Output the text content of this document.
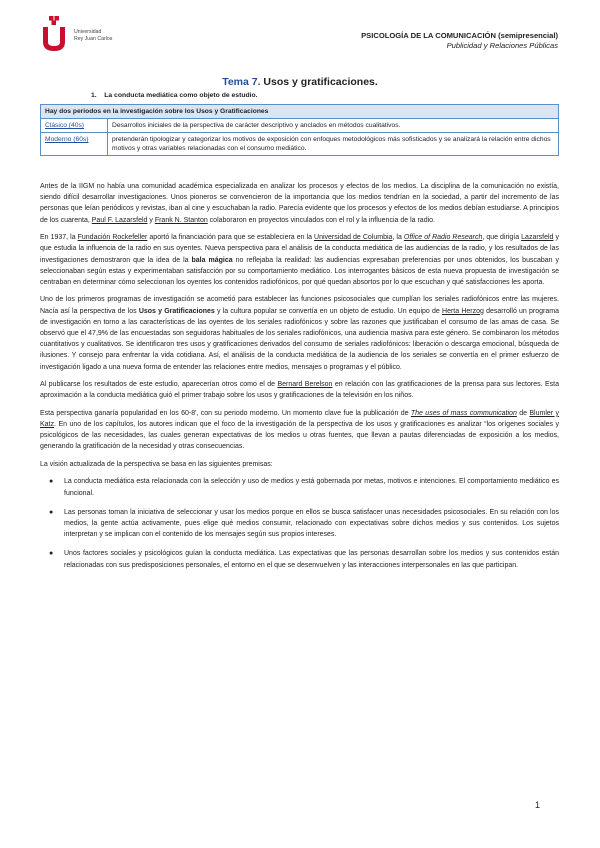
Universidad
Rey Juan Carlos	PSICOLOGÍA DE LA COMUNICACIÓN (semipresencial)
Publicidad y Relaciones Públicas
Tema 7. Usos y gratificaciones.
1. La conducta mediática como objeto de estudio.
Hay dos periodos en la investigación sobre los Usos y Gratificaciones	
Clásico (40s)	Desarrollos iniciales de la perspectiva de carácter descriptivo y anclados en métodos cualitativos.
Moderno (60s)	pretenderán tipologizar y categorizar los motivos de exposición con enfoques metodológicos más sofisticados y se analizará la relación entre dichos motivos y otras variables relacionadas con el consumo mediático.

Antes de la IIGM no había una comunidad académica especializada en analizar los procesos y efectos de los medios. La disciplina de la comunicación no existía, siendo difícil desarrollar investigaciones. Unos pioneros se convencieron de la importancia que los medios tendrían en la sociedad, a partir del incremento de las personas que leían periódicos y revistas, iban al cine y escuchaban la radio. Parecía evidente que los procesos y efectos de los medios debían estudiarse. A principios de los cuarenta, Paul F. Lazarsfeld y Frank N. Stanton colaboraron en proyectos vinculados con el rol y la influencia de la radio.

En 1937, la Fundación Rockefeller aportó la financiación para que se estableciera en la Universidad de Columbia, la Office of Radio Research, que dirigía Lazarsfeld y que estudia la influencia de la radio en sus oyentes. Nueva perspectiva para el análisis de la conducta mediática de las audiencias de la radio, y los resultados de las investigaciones demostraron que la idea de la bala mágica no reflejaba la realidad: las audiencias expresaban preferencias por unos obtenidos, los buscaban y seleccionaban según estas y experimentaban satisfacción por su comportamiento mediático. Los interrogantes básicos de esta nueva propuesta de investigación se centraban en determinar cómo seleccionan los oyentes los contenidos radiofónicos, por qué quedan absortos por lo que escuchan y qué satisfacciones les aporta.

Uno de los primeros programas de investigación se acometió para establecer las funciones psicosociales que cumplían los seriales radiofónicos entre las mujeres. Nacía así la perspectiva de los Usos y Gratificaciones y la cultura popular se convertía en un objeto de estudio. Un equipo de Herta Herzog desarrolló un programa de investigación en torno a las características de las oyentes de los seriales radiofónicos y sobre las razones que justificaban el consumo de las amas de casa. Se observó que el 47,9% de las encuestadas son seguidoras habituales de los seriales radiofónicos, una audiencia masiva para este género. Se combinaron los métodos cuantitativos y cualitativos. Se identificaron tres usos y gratificaciones derivados del consumo de seriales radiofónicos: liberación o descarga emocional, búsqueda de ilusiones. Y consejo para enfrentar la vida cotidiana. Así, el análisis de la conducta mediática de la audiencia de los seriales se convertía en el primer esfuerzo de investigación ligado a una nueva forma de entender las relaciones entre medios, mensajes o programas y el público.

Al publicarse los resultados de este estudio, aparecerían otros como el de Bernard Berelson en relación con las gratificaciones de la prensa para sus lectores. Esta aproximación a la conducta mediática guió el primer trabajo sobre los usos y gratificaciones de la televisión en los niños.

Esta perspectiva ganaría popularidad en los 60-8', con su periodo moderno. Un momento clave fue la publicación de The uses of mass communication de Blumler y Katz. En uno de los capítulos, los autores indican que el foco de la investigación de la perspectiva de los usos y gratificaciones es analizar “los orígenes sociales y psicológicos de las necesidades, las cuales generan expectativas de los medios u otras fuentes, que llevan a pautas diferenciadas de exposición a los medios, generando la gratificación de la necesidad y otras consecuencias.

La visión actualizada de la perspectiva se basa en las siguientes premisas:

● La conducta mediática esta relacionada con la selección y uso de medios y está gobernada por metas, motivos e intenciones. El comportamiento mediático es funcional.
● Las personas toman la iniciativa de seleccionar y usar los medios porque en ellos se busca satisfacer unas necesidades psicosociales. En su relación con los medios, la gente actúa activamente, pues elige qué medios consumir, relacionado con expectativas sobre dichos medios y sus contenidos. Los sujetos interpretan y se implican con el contenido de los mensajes según sus propios intereses.
● Unos factores sociales y psicológicos guían la conducta mediática. Las expectativas que las personas desarrollan sobre los medios y sus contenidos están relacionadas con sus predisposiciones personales, el entorno en el que se desenvuelven y las interacciones interpersonales en las que participan.
1
